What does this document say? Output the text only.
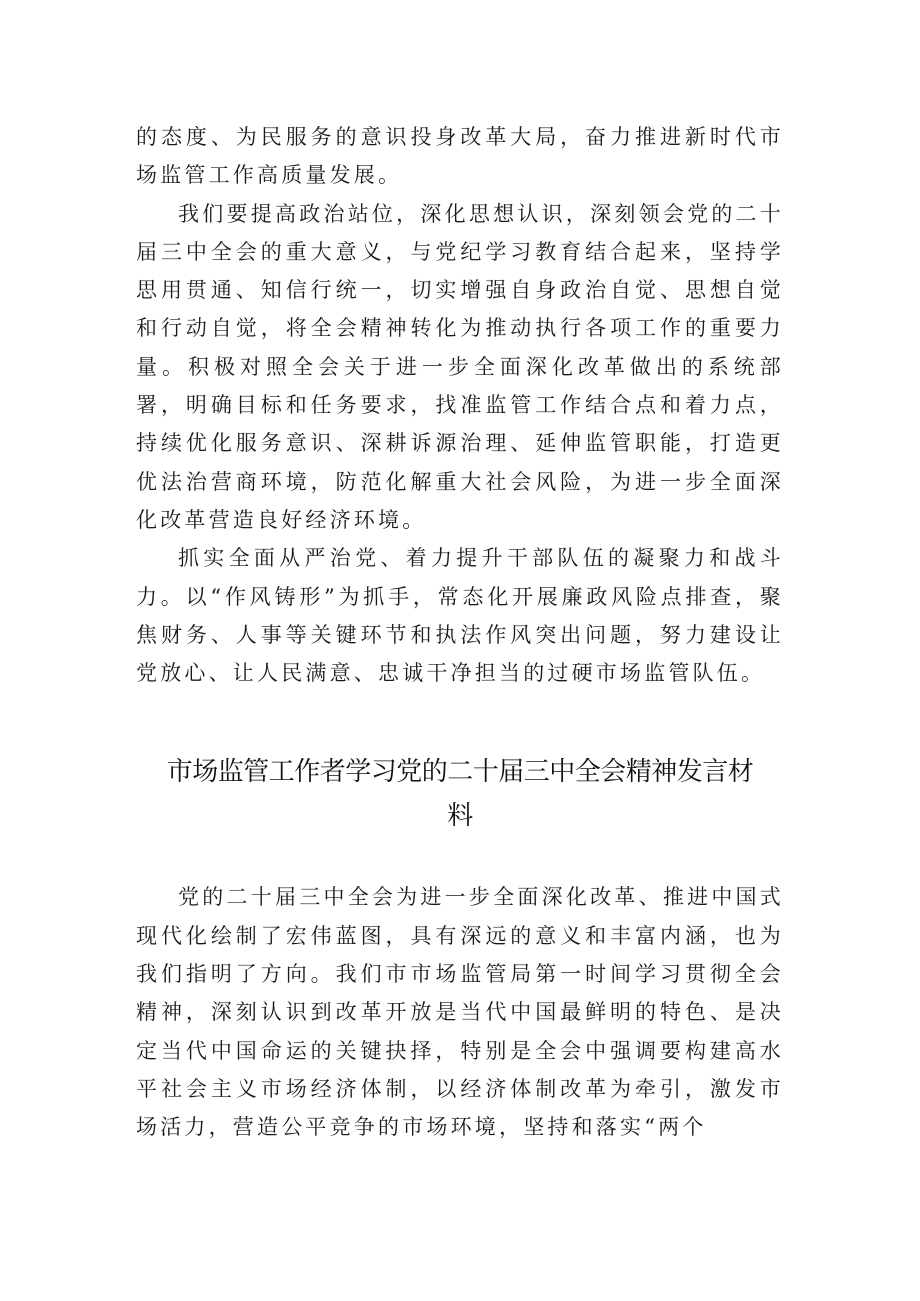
的态度、为民服务的意识投身改革大局，奋力推进新时代市场监管工作高质量发展。

我们要提高政治站位，深化思想认识，深刻领会党的二十届三中全会的重大意义，与党纪学习教育结合起来，坚持学思用贯通、知信行统一，切实增强自身政治自觉、思想自觉和行动自觉，将全会精神转化为推动执行各项工作的重要力量。积极对照全会关于进一步全面深化改革做出的系统部署，明确目标和任务要求，找准监管工作结合点和着力点，持续优化服务意识、深耕诉源治理、延伸监管职能，打造更优法治营商环境，防范化解重大社会风险，为进一步全面深化改革营造良好经济环境。

抓实全面从严治党、着力提升干部队伍的凝聚力和战斗力。以“作风铸形”为抓手，常态化开展廉政风险点排查，聚焦财务、人事等关键环节和执法作风突出问题，努力建设让党放心、让人民满意、忠诚干净担当的过硬市场监管队伍。

市场监管工作者学习党的二十届三中全会精神发言材

料

党的二十届三中全会为进一步全面深化改革、推进中国式现代化绘制了宏伟蓝图，具有深远的意义和丰富内涵，也为我们指明了方向。我们市市场监管局第一时间学习贯彻全会精神，深刻认识到改革开放是当代中国最鲜明的特色、是决定当代中国命运的关键抉择，特别是全会中强调要构建高水平社会主义市场经济体制，以经济体制改革为牵引，激发市场活力，营造公平竞争的市场环境，坚持和落实“两个
